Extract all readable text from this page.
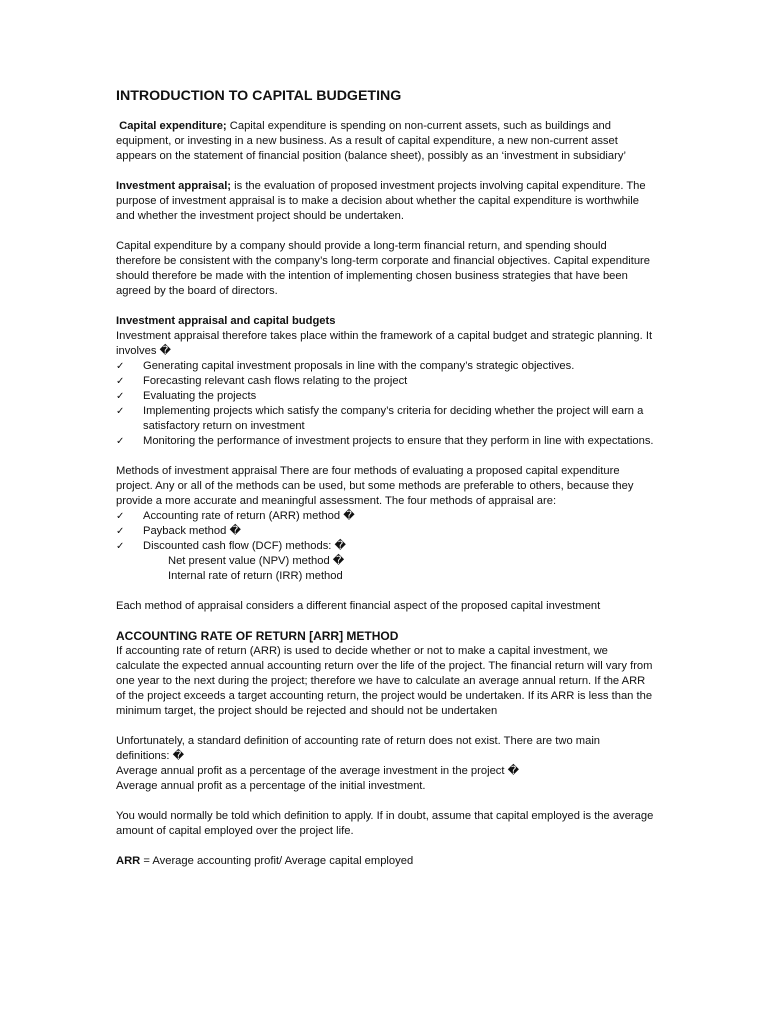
INTRODUCTION TO CAPITAL BUDGETING

Capital expenditure; Capital expenditure is spending on non-current assets, such as buildings and equipment, or investing in a new business. As a result of capital expenditure, a new non-current asset appears on the statement of financial position (balance sheet), possibly as an ‘investment in subsidiary’

Investment appraisal; is the evaluation of proposed investment projects involving capital expenditure. The purpose of investment appraisal is to make a decision about whether the capital expenditure is worthwhile and whether the investment project should be undertaken.

Capital expenditure by a company should provide a long-term financial return, and spending should therefore be consistent with the company’s long-term corporate and financial objectives. Capital expenditure should therefore be made with the intention of implementing chosen business strategies that have been agreed by the board of directors.

Investment appraisal and capital budgets

Investment appraisal therefore takes place within the framework of a capital budget and strategic planning. It involves �

✓	Generating capital investment proposals in line with the company’s strategic objectives.
✓	Forecasting relevant cash flows relating to the project
✓	Evaluating the projects
✓	Implementing projects which satisfy the company’s criteria for deciding whether the project will earn a satisfactory return on investment
✓	Monitoring the performance of investment projects to ensure that they perform in line with expectations.

Methods of investment appraisal There are four methods of evaluating a proposed capital expenditure project. Any or all of the methods can be used, but some methods are preferable to others, because they provide a more accurate and meaningful assessment. The four methods of appraisal are:

✓	Accounting rate of return (ARR) method �
✓	Payback method �
✓	Discounted cash flow (DCF) methods: �

Net present value (NPV) method �

Internal rate of return (IRR) method

Each method of appraisal considers a different financial aspect of the proposed capital investment

ACCOUNTING RATE OF RETURN [ARR] METHOD

If accounting rate of return (ARR) is used to decide whether or not to make a capital investment, we calculate the expected annual accounting return over the life of the project. The financial return will vary from one year to the next during the project; therefore we have to calculate an average annual return. If the ARR of the project exceeds a target accounting return, the project would be undertaken. If its ARR is less than the minimum target, the project should be rejected and should not be undertaken

Unfortunately, a standard definition of accounting rate of return does not exist. There are two main definitions: �

Average annual profit as a percentage of the average investment in the project �

Average annual profit as a percentage of the initial investment.

You would normally be told which definition to apply. If in doubt, assume that capital employed is the average amount of capital employed over the project life.

ARR = Average accounting profit/ Average capital employed
